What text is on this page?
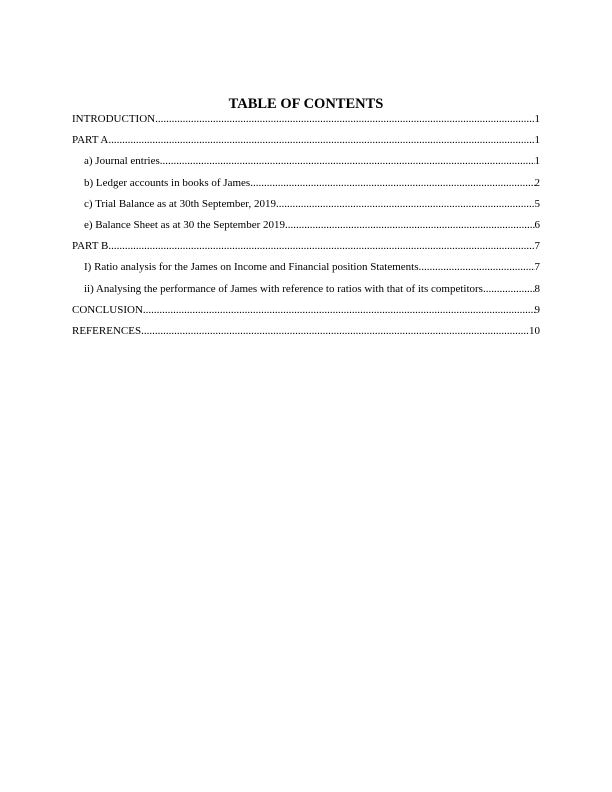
TABLE OF CONTENTS
INTRODUCTION .....	1
PART A .....	1
a) Journal entries .....	1
b) Ledger accounts in books of James .....	2
c) Trial Balance as at 30th September, 2019 .....	5
e) Balance Sheet as at 30 the September 2019 .....	6
PART B .....	7
I) Ratio analysis for the James on Income and Financial position Statements .....	7
ii) Analysing the performance of James with reference to ratios with that of its competitors. .....	8
CONCLUSION .....	9
REFERENCES .....	10
